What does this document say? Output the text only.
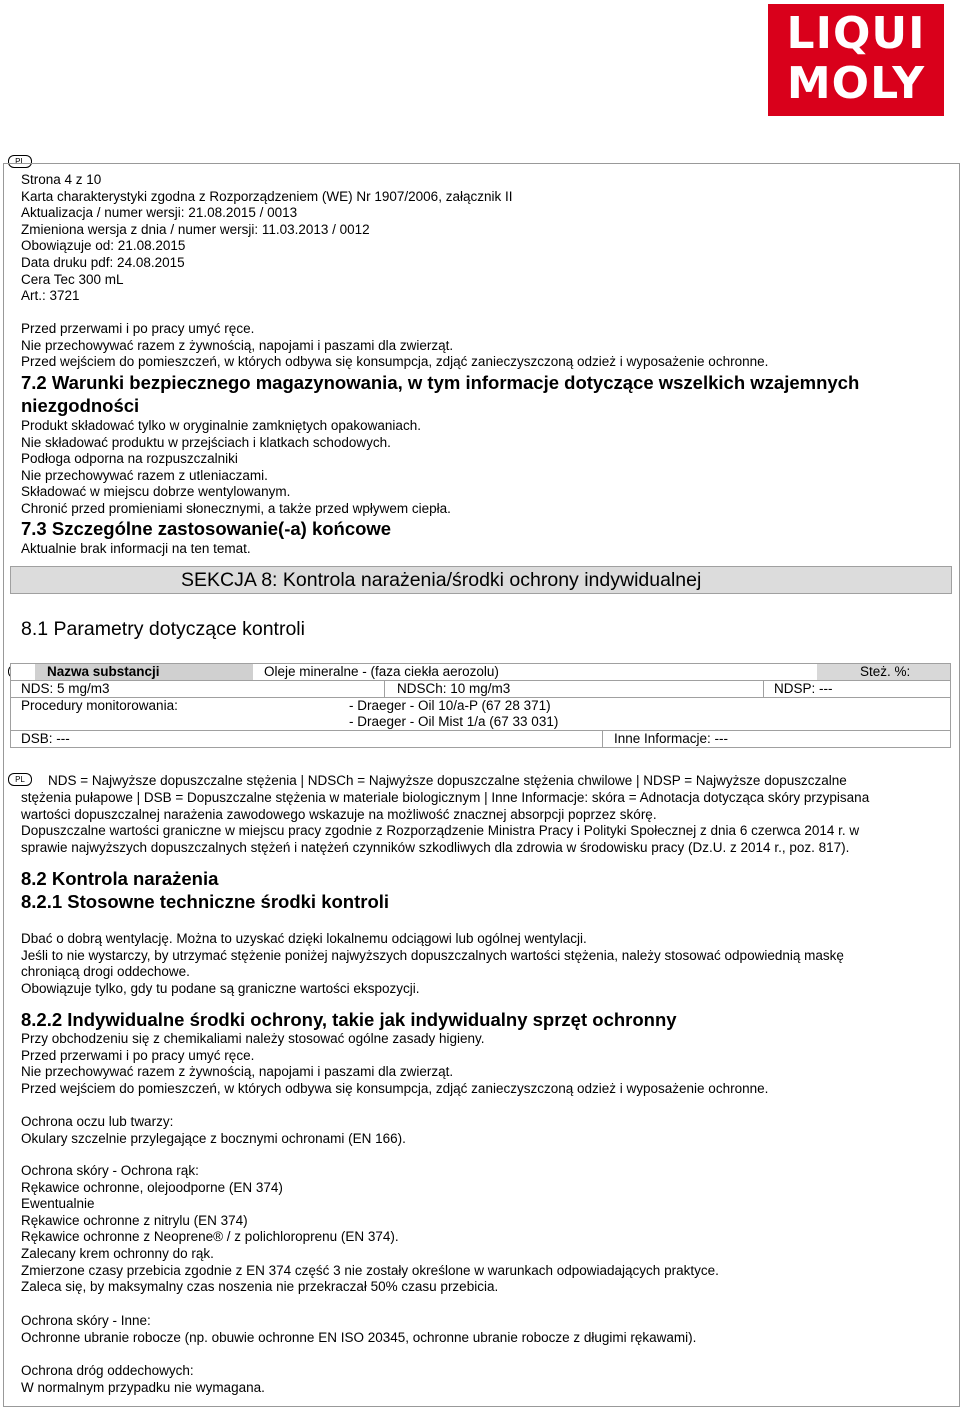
LIQUI
MOLY
PL
Strona 4 z 10
Karta charakterystyki zgodna z Rozporządzeniem (WE) Nr 1907/2006, załącznik II
Aktualizacja / numer wersji: 21.08.2015 / 0013
Zmieniona wersja z dnia / numer wersji: 11.03.2013 / 0012
Obowiązuje od: 21.08.2015
Data druku pdf: 24.08.2015
Cera Tec 300 mL
Art.: 3721
Przed przerwami i po pracy umyć ręce.
Nie przechowywać razem z żywnością, napojami i paszami dla zwierząt.
Przed wejściem do pomieszczeń, w których odbywa się konsumpcja, zdjąć zanieczyszczoną odzież i wyposażenie ochronne.
7.2 Warunki bezpiecznego magazynowania, w tym informacje dotyczące wszelkich wzajemnych
niezgodności
Produkt składować tylko w oryginalnie zamkniętych opakowaniach.
Nie składować produktu w przejściach i klatkach schodowych.
Podłoga odporna na rozpuszczalniki
Nie przechowywać razem z utleniaczami.
Składować w miejscu dobrze wentylowanym.
Chronić przed promieniami słonecznymi, a także przed wpływem ciepła.
7.3 Szczególne zastosowanie(-a) końcowe
Aktualnie brak informacji na ten temat.
SEKCJA 8: Kontrola narażenia/środki ochrony indywidualnej
8.1 Parametry dotyczące kontroli
Nazwa substancji	Oleje mineralne - (faza ciekła aerozolu)	Steż. %:
NDS: 5 mg/m3	NDSCh: 10 mg/m3	NDSP: ---
Procedury monitorowania:	- Draeger - Oil 10/a-P (67 28 371)
- Draeger - Oil Mist 1/a (67 33 031)
DSB: ---	Inne Informacje: ---
PL	NDS = Najwyższe dopuszczalne stężenia | NDSCh = Najwyższe dopuszczalne stężenia chwilowe | NDSP = Najwyższe dopuszczalne
stężenia pułapowe | DSB = Dopuszczalne stężenia w materiale biologicznym | Inne Informacje: skóra = Adnotacja dotycząca skóry przypisana
wartości dopuszczalnej narażenia zawodowego wskazuje na możliwość znacznej absorpcji poprzez skórę.
Dopuszczalne wartości graniczne w miejscu pracy zgodnie z Rozporządzenie Ministra Pracy i Polityki Społecznej z dnia 6 czerwca 2014 r. w
sprawie najwyższych dopuszczalnych stężeń i natężeń czynników szkodliwych dla zdrowia w środowisku pracy (Dz.U. z 2014 r., poz. 817).
8.2 Kontrola narażenia
8.2.1 Stosowne techniczne środki kontroli
Dbać o dobrą wentylację. Można to uzyskać dzięki lokalnemu odciągowi lub ogólnej wentylacji.
Jeśli to nie wystarczy, by utrzymać stężenie poniżej najwyższych dopuszczalnych wartości stężenia, należy stosować odpowiednią maskę
chroniącą drogi oddechowe.
Obowiązuje tylko, gdy tu podane są graniczne wartości ekspozycji.
8.2.2 Indywidualne środki ochrony, takie jak indywidualny sprzęt ochronny
Przy obchodzeniu się z chemikaliami należy stosować ogólne zasady higieny.
Przed przerwami i po pracy umyć ręce.
Nie przechowywać razem z żywnością, napojami i paszami dla zwierząt.
Przed wejściem do pomieszczeń, w których odbywa się konsumpcja, zdjąć zanieczyszczoną odzież i wyposażenie ochronne.
Ochrona oczu lub twarzy:
Okulary szczelnie przylegające z bocznymi ochronami (EN 166).
Ochrona skóry - Ochrona rąk:
Rękawice ochronne, olejoodporne (EN 374)
Ewentualnie
Rękawice ochronne z nitrylu (EN 374)
Rękawice ochronne z Neoprene® / z polichloroprenu (EN 374).
Zalecany krem ochronny do rąk.
Zmierzone czasy przebicia zgodnie z EN 374 część 3 nie zostały określone w warunkach odpowiadających praktyce.
Zaleca się, by maksymalny czas noszenia nie przekraczał 50% czasu przebicia.
Ochrona skóry - Inne:
Ochronne ubranie robocze (np. obuwie ochronne EN ISO 20345, ochronne ubranie robocze z długimi rękawami).
Ochrona dróg oddechowych:
W normalnym przypadku nie wymagana.
